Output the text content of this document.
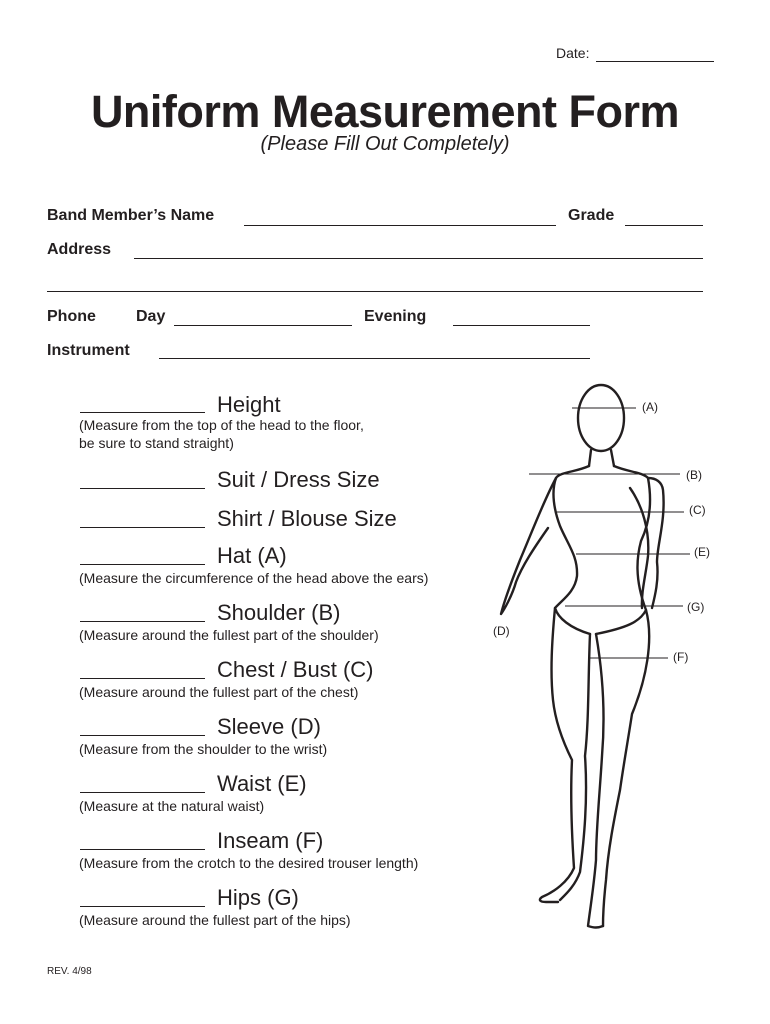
Date:
Uniform Measurement Form
(Please Fill Out Completely)
Band Member’s Name	Grade
Address
Phone	Day	Evening
Instrument
Height
(Measure from the top of the head to the floor,
be sure to stand straight)
Suit / Dress Size
Shirt / Blouse Size
Hat (A)
(Measure the circumference of the head above the ears)
Shoulder (B)
(Measure around the fullest part of the shoulder)
Chest / Bust (C)
(Measure around the fullest part of the chest)
Sleeve (D)
(Measure from the shoulder to the wrist)
Waist (E)
(Measure at the natural waist)
Inseam (F)
(Measure from the crotch to the desired trouser length)
Hips (G)
(Measure around the fullest part of the hips)
(A)
(B)
(C)
(D)
(E)
(F)
(G)
REV. 4/98
